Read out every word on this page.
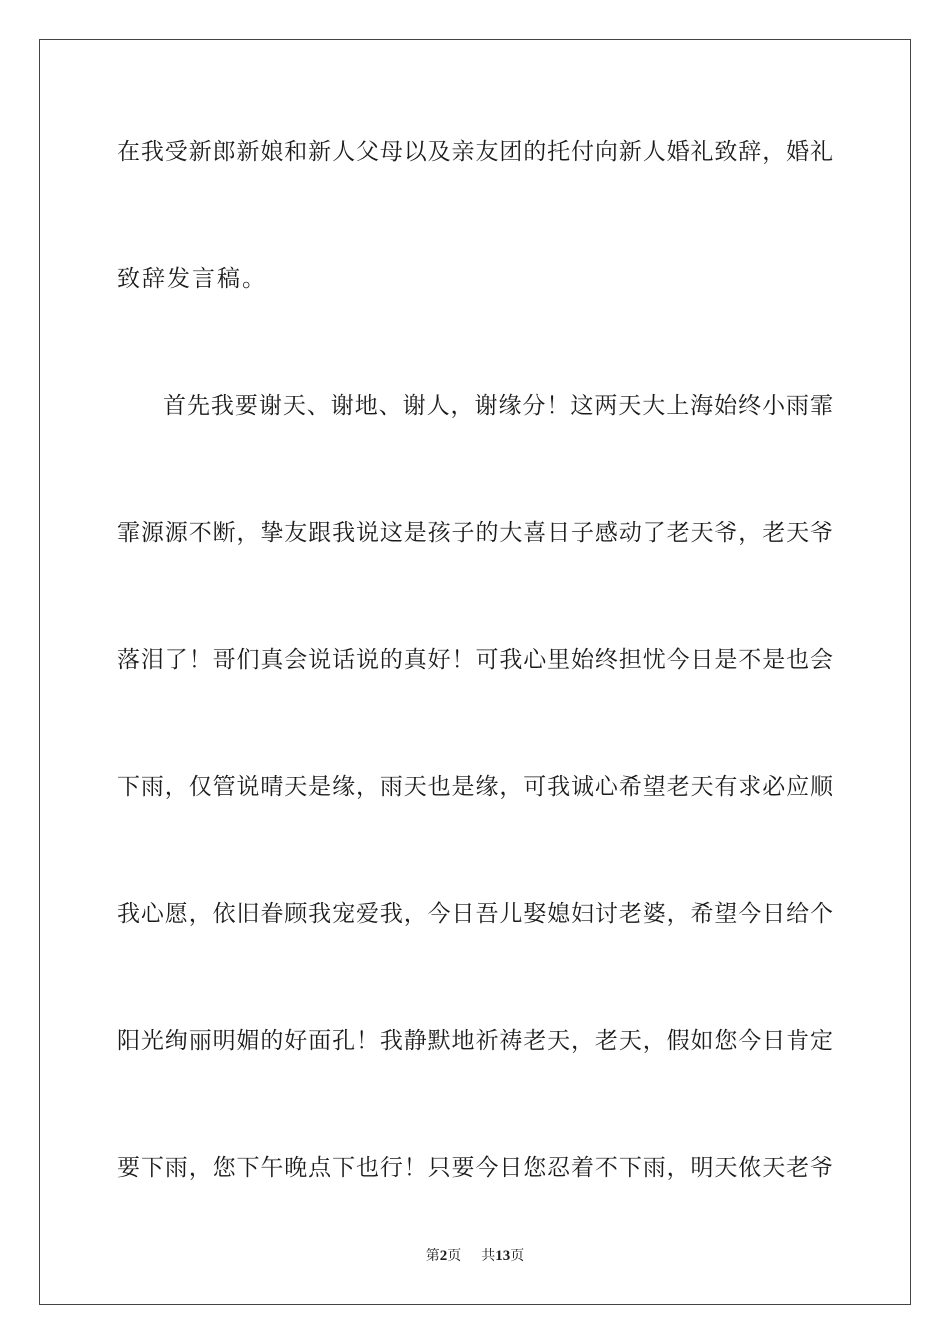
在我受新郎新娘和新人父母以及亲友团的托付向新人婚礼致辞，婚礼
致辞发言稿。
首先我要谢天、谢地、谢人，谢缘分！这两天大上海始终小雨霏
霏源源不断，挚友跟我说这是孩子的大喜日子感动了老天爷，老天爷
落泪了！哥们真会说话说的真好！可我心里始终担忧今日是不是也会
下雨，仅管说晴天是缘，雨天也是缘，可我诚心希望老天有求必应顺
我心愿，依旧眷顾我宠爱我，今日吾儿娶媳妇讨老婆，希望今日给个
阳光绚丽明媚的好面孔！我静默地祈祷老天，老天，假如您今日肯定
要下雨，您下午晚点下也行！只要今日您忍着不下雨，明天侬天老爷
第2页 共13页
